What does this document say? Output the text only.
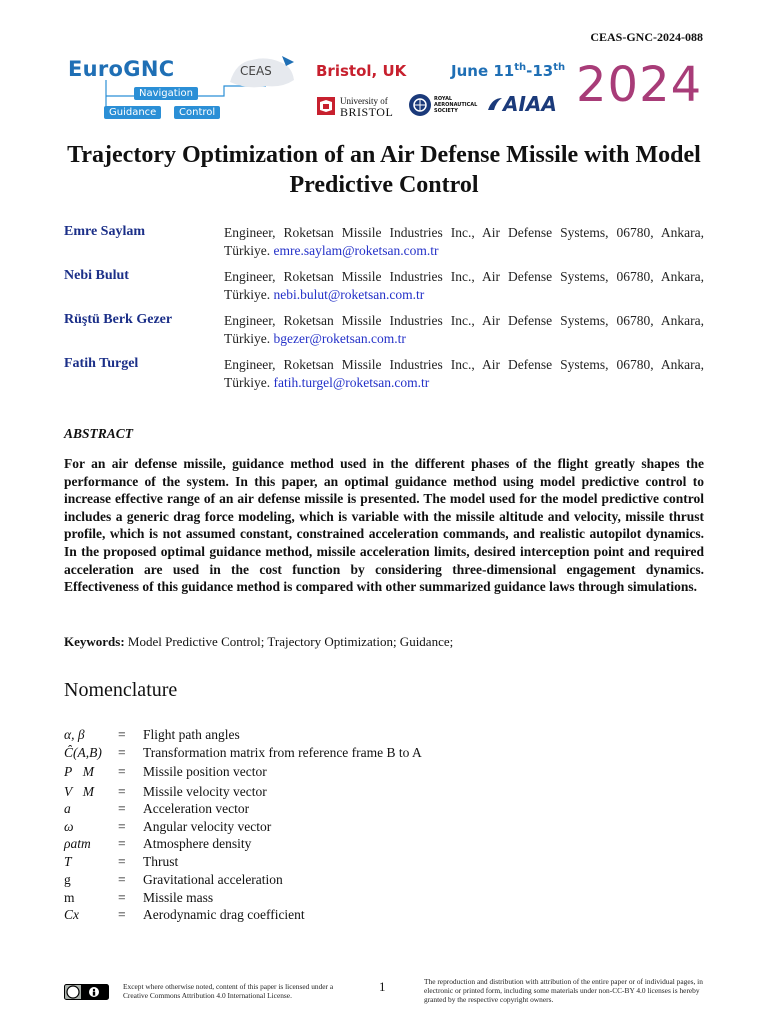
CEAS-GNC-2024-088
EuroGNC	CEAS
Navigation
Guidance	Control
Bristol, UK	June 11th-13th 2024
University of
BRISTOL
ROYAL AERONAUTICAL SOCIETY	AIAA
Trajectory Optimization of an Air Defense Missile with Model Predictive Control
Emre Saylam	Engineer, Roketsan Missile Industries Inc., Air Defense Systems, 06780, Ankara, Türkiye. emre.saylam@roketsan.com.tr
Nebi Bulut	Engineer, Roketsan Missile Industries Inc., Air Defense Systems, 06780, Ankara, Türkiye. nebi.bulut@roketsan.com.tr
Rüştü Berk Gezer	Engineer, Roketsan Missile Industries Inc., Air Defense Systems, 06780, Ankara, Türkiye. bgezer@roketsan.com.tr
Fatih Turgel	Engineer, Roketsan Missile Industries Inc., Air Defense Systems, 06780, Ankara, Türkiye. fatih.turgel@roketsan.com.tr
ABSTRACT
For an air defense missile, guidance method used in the different phases of the flight greatly shapes the performance of the system. In this paper, an optimal guidance method using model predictive control to increase effective range of an air defense missile is presented. The model used for the model predictive control includes a generic drag force modeling, which is variable with the missile altitude and velocity, missile thrust profile, which is not assumed constant, constrained acceleration commands, and realistic autopilot dynamics. In the proposed optimal guidance method, missile acceleration limits, desired interception point and required acceleration are used in the cost function by considering three-dimensional engagement dynamics. Effectiveness of this guidance method is compared with other summarized guidance laws through simulations.
Keywords: Model Predictive Control; Trajectory Optimization; Guidance;
Nomenclature
α, β = Flight path angles
Ĉ(A,B) = Transformation matrix from reference frame B to A
P⃗M = Missile position vector
V⃗M = Missile velocity vector
a⃗	= Acceleration vector
ω⃗	= Angular velocity vector
ρatm = Atmosphere density
T	= Thrust
g	= Gravitational acceleration
m	= Missile mass
Cx	= Aerodynamic drag coefficient
Except where otherwise noted, content of this paper is licensed under a Creative Commons Attribution 4.0 International License.
1	The reproduction and distribution with attribution of the entire paper or of individual pages, in electronic or printed form, including some materials under non-CC-BY 4.0 licenses is hereby granted by the respective copyright owners.
